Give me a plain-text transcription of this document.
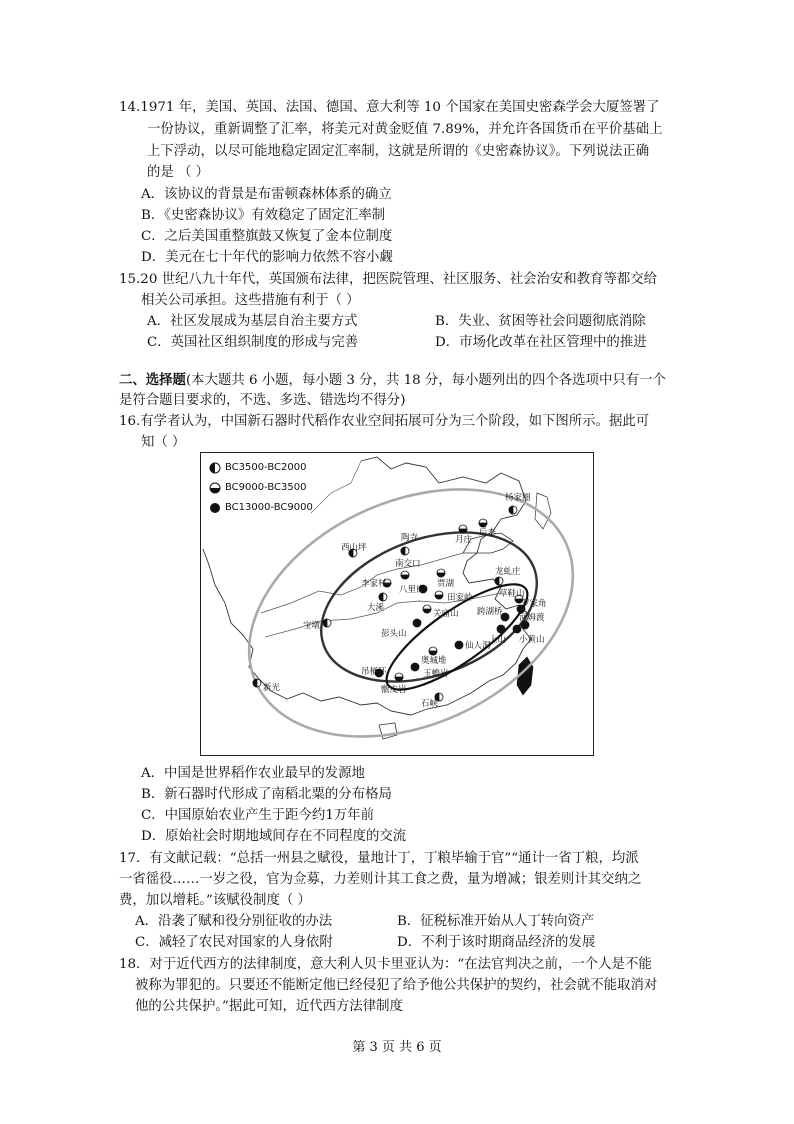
14.1971 年，美国、英国、法国、德国、意大利等 10 个国家在美国史密森学会大厦签署了
一份协议，重新调整了汇率，将美元对黄金贬值 7.89%，并允许各国货币在平价基础上
上下浮动，以尽可能地稳定固定汇率制，这就是所谓的《史密森协议》。下列说法正确
的是 （ ）
A．该协议的背景是布雷顿森林体系的确立
B．《史密森协议》有效稳定了固定汇率制
C．之后美国重整旗鼓又恢复了金本位制度
D．美元在七十年代的影响力依然不容小觑
15.20 世纪八九十年代，英国颁布法律，把医院管理、社区服务、社会治安和教育等都交给
相关公司承担。这些措施有利于（ ）
A．社区发展成为基层自治主要方式	B．失业、贫困等社会问题彻底消除
C．英国社区组织制度的形成与完善	D．市场化改革在社区管理中的推进
二、选择题(本大题共 6 小题，每小题 3 分，共 18 分，每小题列出的四个各选项中只有一个
是符合题目要求的，不选、多选、错选均不得分)
16.有学者认为，中国新石器时代稻作农业空间拓展可分为三个阶段，如下图所示。据此可
知（ ）
BC3500-BC2000
BC9000-BC3500
BC13000-BC9000
杨家圈
陶寺	后李
月庄
西山坪
南交口
龙虬庄
贾湖
李家村
八里岗
田家岭	草鞋山
罗家角
大溪	跨湖桥
宝墩
关庙山
上山
彭头山
河姆渡
仙人洞
奥城堆
小黄山
新光
玉蟾岩
甑皮岩
石峡
吊桶环
A．中国是世界稻作农业最早的发源地
B．新石器时代形成了南稻北粟的分布格局
C．中国原始农业产生于距今约1万年前
D．原始社会时期地域间存在不同程度的交流
17．有文献记载：“总括一州县之赋役，量地计丁，丁粮毕输于官”“通计一省丁粮，均派
一省徭役……一岁之役，官为佥募，力差则计其工食之费，量为增减；银差则计其交纳之
费，加以增耗。”该赋役制度（ ）
A．沿袭了赋和役分别征收的办法	B．征税标准开始从人丁转向资产
C．减轻了农民对国家的人身依附	D．不利于该时期商品经济的发展
18．对于近代西方的法律制度，意大利人贝卡里亚认为：“在法官判决之前，一个人是不能
被称为罪犯的。只要还不能断定他已经侵犯了给予他公共保护的契约，社会就不能取消对
他的公共保护。”据此可知，近代西方法律制度
第 3 页 共 6 页
